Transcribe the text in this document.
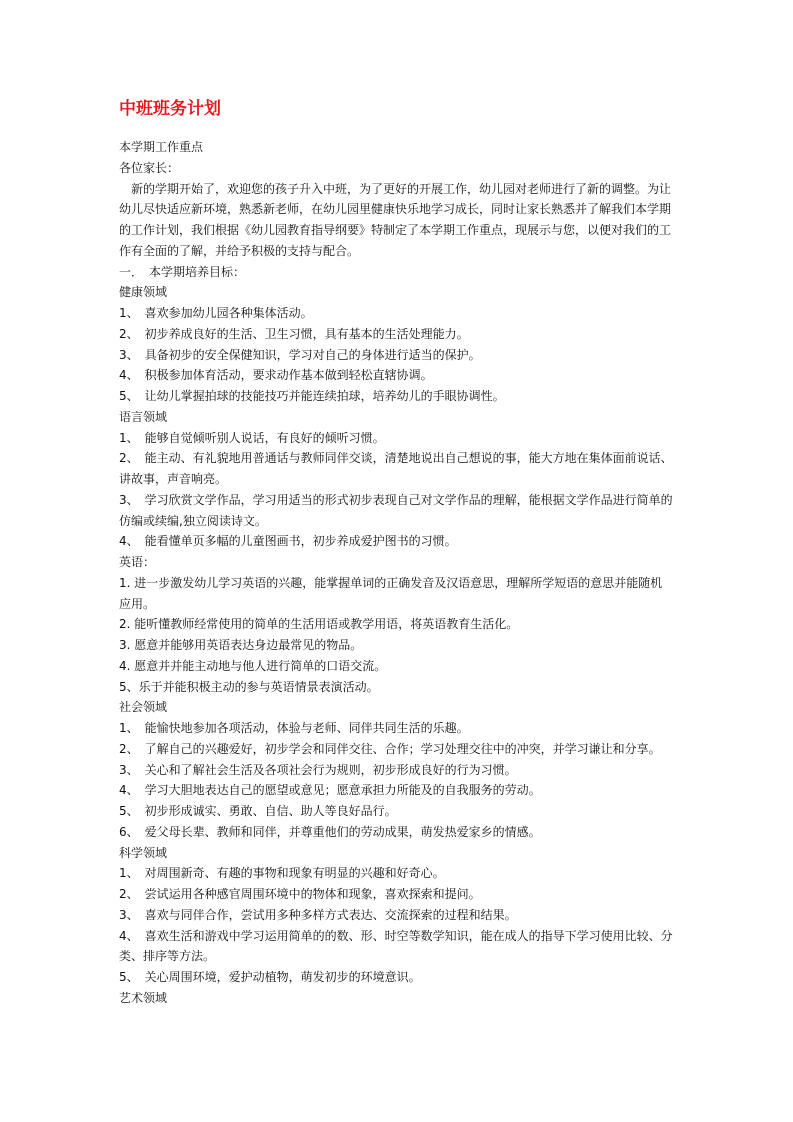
中班班务计划
本学期工作重点
各位家长：
　新的学期开始了，欢迎您的孩子升入中班，为了更好的开展工作，幼儿园对老师进行了新的调整。为让
幼儿尽快适应新环境，熟悉新老师，在幼儿园里健康快乐地学习成长，同时让家长熟悉并了解我们本学期
的工作计划，我们根据《幼儿园教育指导纲要》特制定了本学期工作重点，现展示与您，以便对我们的工
作有全面的了解，并给予积极的支持与配合。
一．　本学期培养目标：
健康领域
1、　喜欢参加幼儿园各种集体活动。
2、　初步养成良好的生活、卫生习惯，具有基本的生活处理能力。
3、　具备初步的安全保健知识，学习对自己的身体进行适当的保护。
4、　积极参加体育活动，要求动作基本做到轻松直辖协调。
5、　让幼儿掌握拍球的技能技巧并能连续拍球，培养幼儿的手眼协调性。
语言领域
1、　能够自觉倾听别人说话，有良好的倾听习惯。
2、　能主动、有礼貌地用普通话与教师同伴交谈，清楚地说出自己想说的事，能大方地在集体面前说话、
讲故事，声音响亮。
3、　学习欣赏文学作品，学习用适当的形式初步表现自己对文学作品的理解，能根据文学作品进行简单的
仿编或续编,独立阅读诗文。
4、　能看懂单页多幅的儿童图画书，初步养成爱护图书的习惯。
英语：
1. 进一步激发幼儿学习英语的兴趣，能掌握单词的正确发音及汉语意思，理解所学短语的意思并能随机
应用。
2. 能听懂教师经常使用的简单的生活用语或教学用语，将英语教育生活化。
3. 愿意并能够用英语表达身边最常见的物品。
4. 愿意并并能主动地与他人进行简单的口语交流。
5、乐于并能积极主动的参与英语情景表演活动。
社会领域
1、　能愉快地参加各项活动，体验与老师、同伴共同生活的乐趣。
2、　了解自己的兴趣爱好，初步学会和同伴交往、合作；学习处理交往中的冲突，并学习谦让和分享。
3、　关心和了解社会生活及各项社会行为规则，初步形成良好的行为习惯。
4、　学习大胆地表达自己的愿望或意见；愿意承担力所能及的自我服务的劳动。
5、　初步形成诚实、勇敢、自信、助人等良好品行。
6、　爱父母长辈、教师和同伴，并尊重他们的劳动成果，萌发热爱家乡的情感。
科学领域
1、　对周围新奇、有趣的事物和现象有明显的兴趣和好奇心。
2、　尝试运用各种感官周围环境中的物体和现象，喜欢探索和提问。
3、　喜欢与同伴合作，尝试用多种多样方式表达、交流探索的过程和结果。
4、　喜欢生活和游戏中学习运用简单的的数、形、时空等数学知识，能在成人的指导下学习使用比较、分
类、排序等方法。
5、　关心周围环境，爱护动植物，萌发初步的环境意识。
艺术领域
